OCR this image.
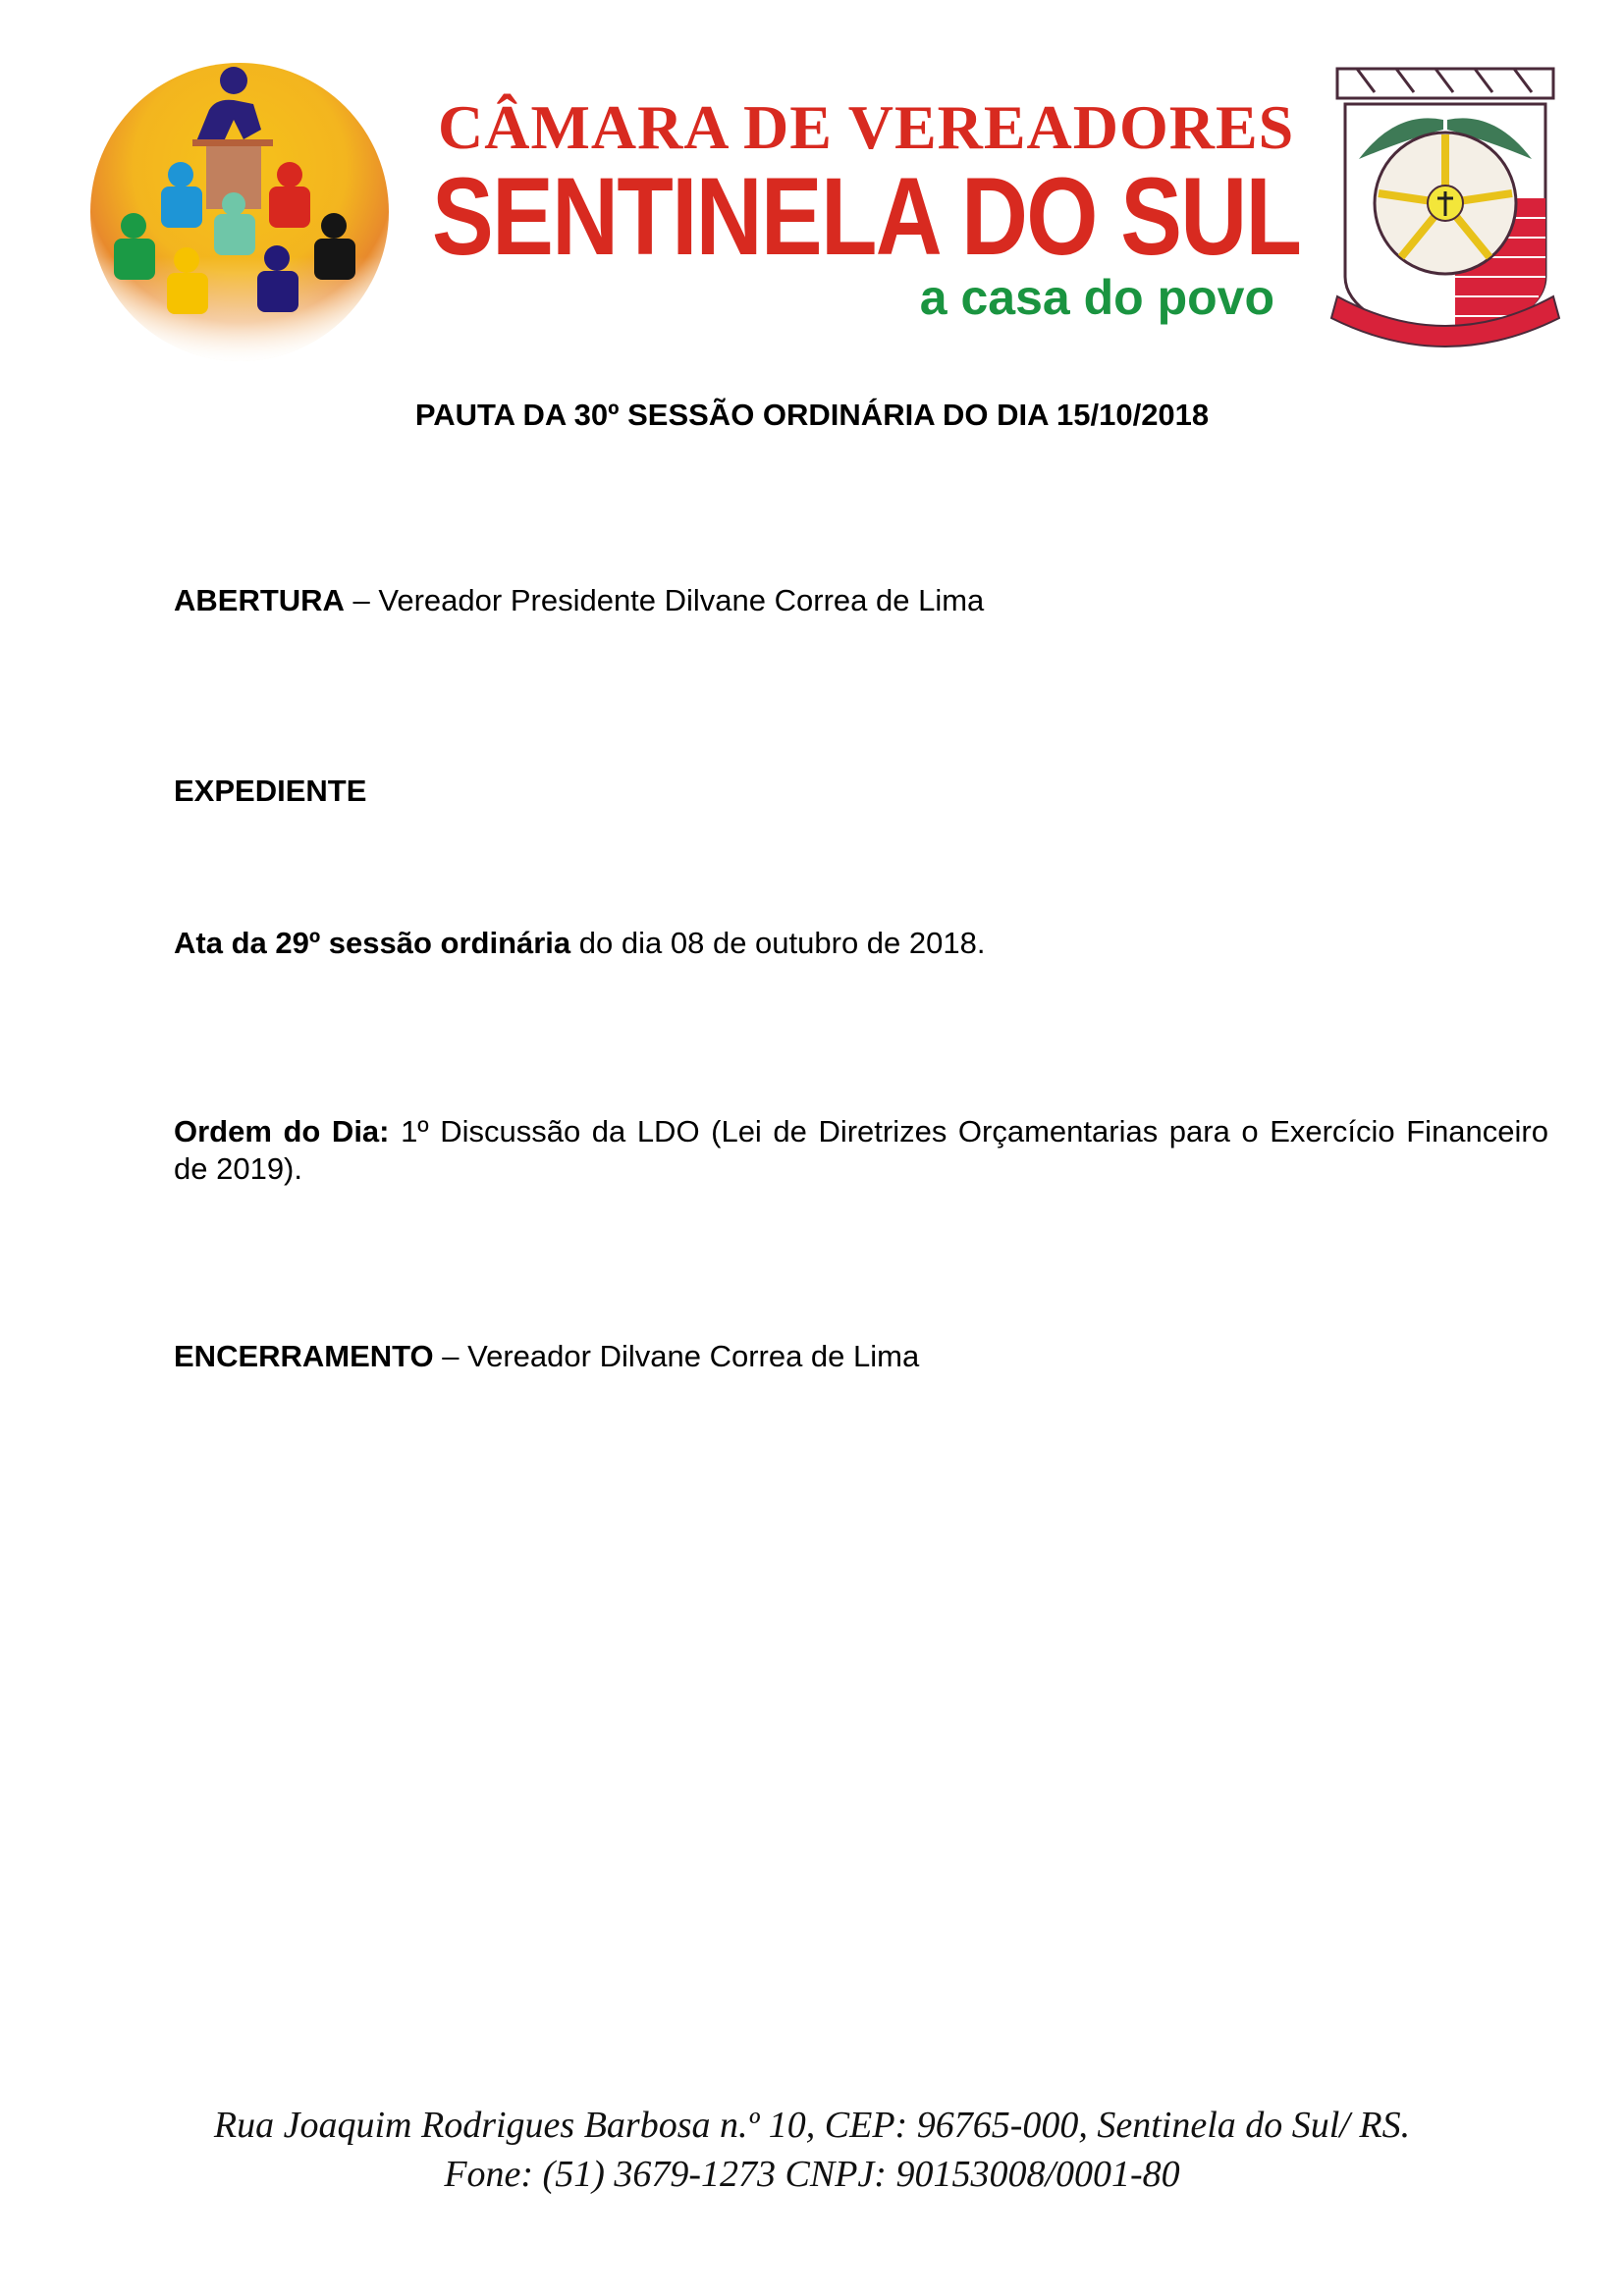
CÂMARA DE VEREADORES
SENTINELA DO SUL
a casa do povo
PAUTA DA 30º SESSÃO ORDINÁRIA DO DIA 15/10/2018
ABERTURA – Vereador Presidente Dilvane Correa de Lima
EXPEDIENTE
Ata da 29º sessão ordinária do dia 08 de outubro de 2018.
Ordem do Dia: 1º Discussão da LDO (Lei de Diretrizes Orçamentarias para o Exercício Financeiro de 2019).
ENCERRAMENTO – Vereador Dilvane Correa de Lima
Rua Joaquim Rodrigues Barbosa n.º 10, CEP: 96765-000, Sentinela do Sul/ RS.
Fone: (51) 3679-1273 CNPJ: 90153008/0001-80
